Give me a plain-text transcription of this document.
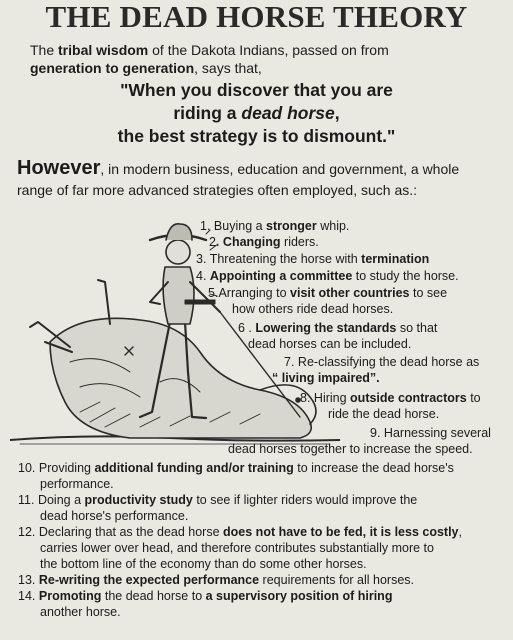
THE DEAD HORSE THEORY

The tribal wisdom of the Dakota Indians, passed on from
generation to generation, says that,

"When you discover that you are
riding a dead horse,
the best strategy is to dismount."

However, in modern business, education and government, a whole
range of far more advanced strategies often employed, such as.:

1. Buying a stronger whip.

2. Changing riders.

3. Threatening the horse with termination

4. Appointing a committee to study the horse.

5.Arranging to visit other countries to see
how others ride dead horses.

6 . Lowering the standards so that
dead horses can be included.

7. Re-classifying the dead horse as
“ living impaired”.

8. Hiring outside contractors to
ride the dead horse.

9. Harnessing several
dead horses together to increase the speed.

10. Providing additional funding and/or training to increase the dead horse's
performance.
11. Doing a productivity study to see if lighter riders would improve the
dead horse's performance.
12. Declaring that as the dead horse does not have to be fed, it is less costly,
carries lower over head, and therefore contributes substantially more to
the bottom line of the economy than do some other horses.
13. Re-writing the expected performance requirements for all horses.
14. Promoting the dead horse to a supervisory position of hiring
another horse.
